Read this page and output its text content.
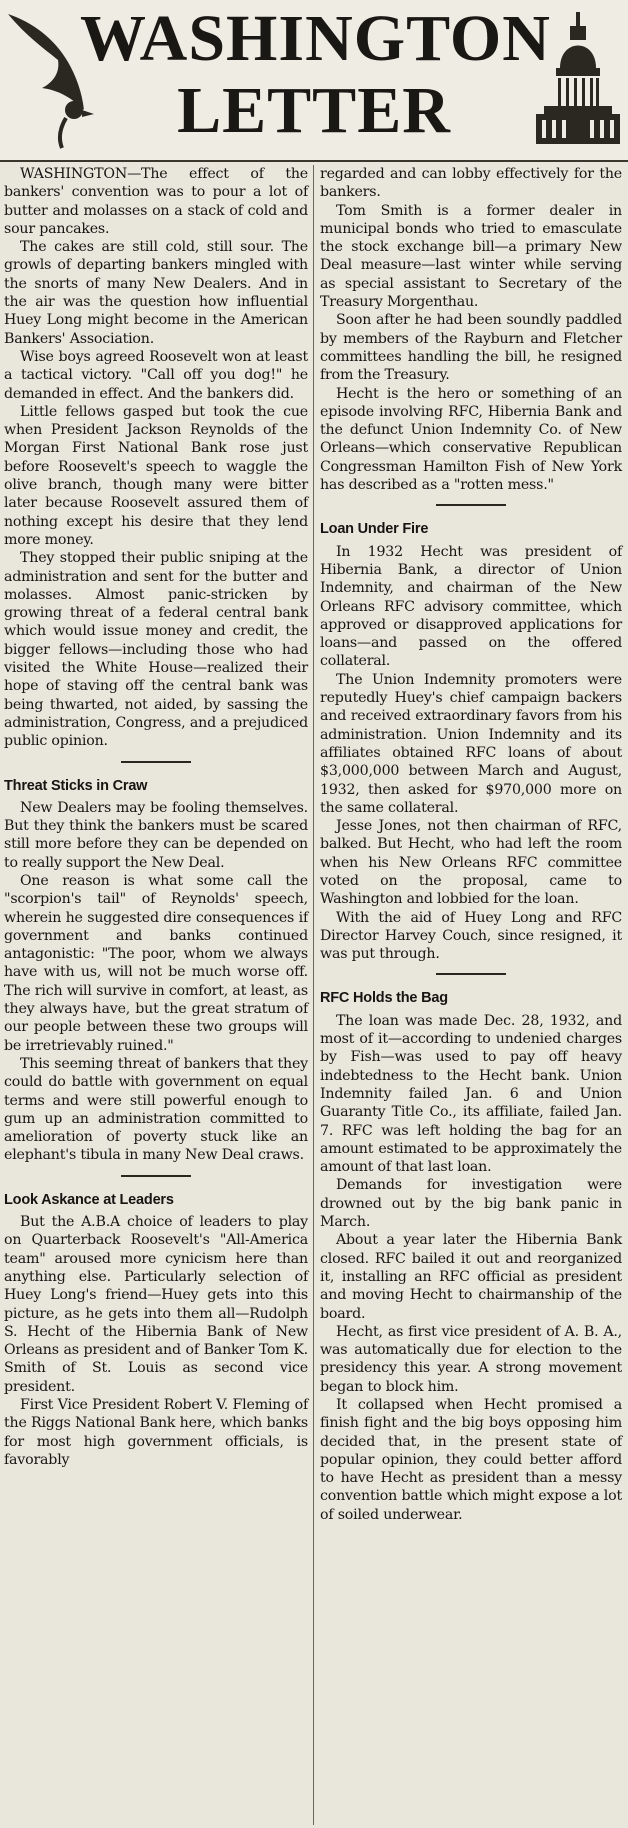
WASHINGTON
LETTER

WASHINGTON—The effect of the bankers' convention was to pour a lot of butter and molasses on a stack of cold and sour pancakes.

The cakes are still cold, still sour. The growls of departing bankers mingled with the snorts of many New Dealers. And in the air was the question how influential Huey Long might become in the American Bankers' Association.

Wise boys agreed Roosevelt won at least a tactical victory. "Call off you dog!" he demanded in effect. And the bankers did.

Little fellows gasped but took the cue when President Jackson Reynolds of the Morgan First National Bank rose just before Roosevelt's speech to waggle the olive branch, though many were bitter later because Roosevelt assured them of nothing except his desire that they lend more money.

They stopped their public sniping at the administration and sent for the butter and molasses. Almost panic-stricken by growing threat of a federal central bank which would issue money and credit, the bigger fellows—including those who had visited the White House—realized their hope of staving off the central bank was being thwarted, not aided, by sassing the administration, Congress, and a prejudiced public opinion.

Threat Sticks in Craw

New Dealers may be fooling themselves. But they think the bankers must be scared still more before they can be depended on to really support the New Deal.

One reason is what some call the "scorpion's tail" of Reynolds' speech, wherein he suggested dire consequences if government and banks continued antagonistic: "The poor, whom we always have with us, will not be much worse off. The rich will survive in comfort, at least, as they always have, but the great stratum of our people between these two groups will be irretrievably ruined."

This seeming threat of bankers that they could do battle with government on equal terms and were still powerful enough to gum up an administration committed to amelioration of poverty stuck like an elephant's tibula in many New Deal craws.

Look Askance at Leaders

But the A.B.A choice of leaders to play on Quarterback Roosevelt's "All-America team" aroused more cynicism here than anything else. Particularly selection of Huey Long's friend—Huey gets into this picture, as he gets into them all—Rudolph S. Hecht of the Hibernia Bank of New Orleans as president and of Banker Tom K. Smith of St. Louis as second vice president.

First Vice President Robert V. Fleming of the Riggs National Bank here, which banks for most high government officials, is favorably

regarded and can lobby effectively for the bankers.

Tom Smith is a former dealer in municipal bonds who tried to emasculate the stock exchange bill—a primary New Deal measure—last winter while serving as special assistant to Secretary of the Treasury Morgenthau.

Soon after he had been soundly paddled by members of the Rayburn and Fletcher committees handling the bill, he resigned from the Treasury.

Hecht is the hero or something of an episode involving RFC, Hibernia Bank and the defunct Union Indemnity Co. of New Orleans—which conservative Republican Congressman Hamilton Fish of New York has described as a "rotten mess."

Loan Under Fire

In 1932 Hecht was president of Hibernia Bank, a director of Union Indemnity, and chairman of the New Orleans RFC advisory committee, which approved or disapproved applications for loans—and passed on the offered collateral.

The Union Indemnity promoters were reputedly Huey's chief campaign backers and received extraordinary favors from his administration. Union Indemnity and its affiliates obtained RFC loans of about $3,000,000 between March and August, 1932, then asked for $970,000 more on the same collateral.

Jesse Jones, not then chairman of RFC, balked. But Hecht, who had left the room when his New Orleans RFC committee voted on the proposal, came to Washington and lobbied for the loan.

With the aid of Huey Long and RFC Director Harvey Couch, since resigned, it was put through.

RFC Holds the Bag

The loan was made Dec. 28, 1932, and most of it—according to undenied charges by Fish—was used to pay off heavy indebtedness to the Hecht bank. Union Indemnity failed Jan. 6 and Union Guaranty Title Co., its affiliate, failed Jan. 7. RFC was left holding the bag for an amount estimated to be approximately the amount of that last loan.

Demands for investigation were drowned out by the big bank panic in March.

About a year later the Hibernia Bank closed. RFC bailed it out and reorganized it, installing an RFC official as president and moving Hecht to chairmanship of the board.

Hecht, as first vice president of A. B. A., was automatically due for election to the presidency this year. A strong movement began to block him.

It collapsed when Hecht promised a finish fight and the big boys opposing him decided that, in the present state of popular opinion, they could better afford to have Hecht as president than a messy convention battle which might expose a lot of soiled underwear.
